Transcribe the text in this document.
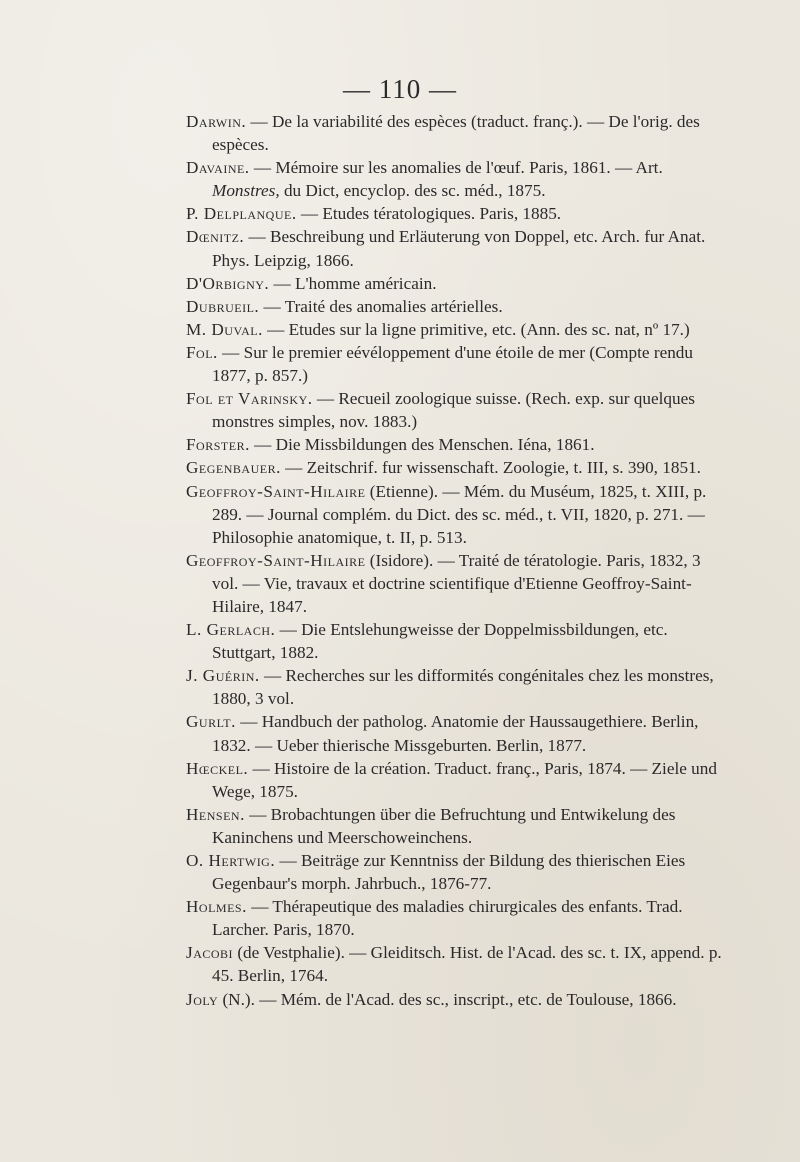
— 110 —
Darwin. — De la variabilité des espèces (traduct. franç.). — De l'orig. des espèces.
Davaine. — Mémoire sur les anomalies de l'œuf. Paris, 1861. — Art. Monstres, du Dict, encyclop. des sc. méd., 1875.
P. Delplanque. — Etudes tératologiques. Paris, 1885.
Dœnitz. — Beschreibung und Erläuterung von Doppel, etc. Arch. fur Anat. Phys. Leipzig, 1866.
D'Orbigny. — L'homme américain.
Dubrueil. — Traité des anomalies artérielles.
M. Duval. — Etudes sur la ligne primitive, etc. (Ann. des sc. nat, nº 17.)
Fol. — Sur le premier eévéloppement d'une étoile de mer (Compte rendu 1877, p. 857.)
Fol et Varinsky. — Recueil zoologique suisse. (Rech. exp. sur quelques monstres simples, nov. 1883.)
Forster. — Die Missbildungen des Menschen. Iéna, 1861.
Gegenbauer. — Zeitschrif. fur wissenschaft. Zoologie, t. III, s. 390, 1851.
Geoffroy-Saint-Hilaire (Etienne). — Mém. du Muséum, 1825, t. XIII, p. 289. — Journal complém. du Dict. des sc. méd., t. VII, 1820, p. 271. — Philosophie anatomique, t. II, p. 513.
Geoffroy-Saint-Hilaire (Isidore). — Traité de tératologie. Paris, 1832, 3 vol. — Vie, travaux et doctrine scientifique d'Etienne Geoffroy-Saint-Hilaire, 1847.
L. Gerlach. — Die Entslehungweisse der Doppelmissbildungen, etc. Stuttgart, 1882.
J. Guérin. — Recherches sur les difformités congénitales chez les monstres, 1880, 3 vol.
Gurlt. — Handbuch der patholog. Anatomie der Haussaugethiere. Berlin, 1832. — Ueber thierische Missgeburten. Berlin, 1877.
Hœckel. — Histoire de la création. Traduct. franç., Paris, 1874. — Ziele und Wege, 1875.
Hensen. — Brobachtungen über die Befruchtung und Entwikelung des Kaninchens und Meerschoweinchens.
O. Hertwig. — Beiträge zur Kenntniss der Bildung des thierischen Eies Gegenbaur's morph. Jahrbuch., 1876-77.
Holmes. — Thérapeutique des maladies chirurgicales des enfants. Trad. Larcher. Paris, 1870.
Jacobi (de Vestphalie). — Gleiditsch. Hist. de l'Acad. des sc. t. IX, append. p. 45. Berlin, 1764.
Joly (N.). — Mém. de l'Acad. des sc., inscript., etc. de Toulouse, 1866.
